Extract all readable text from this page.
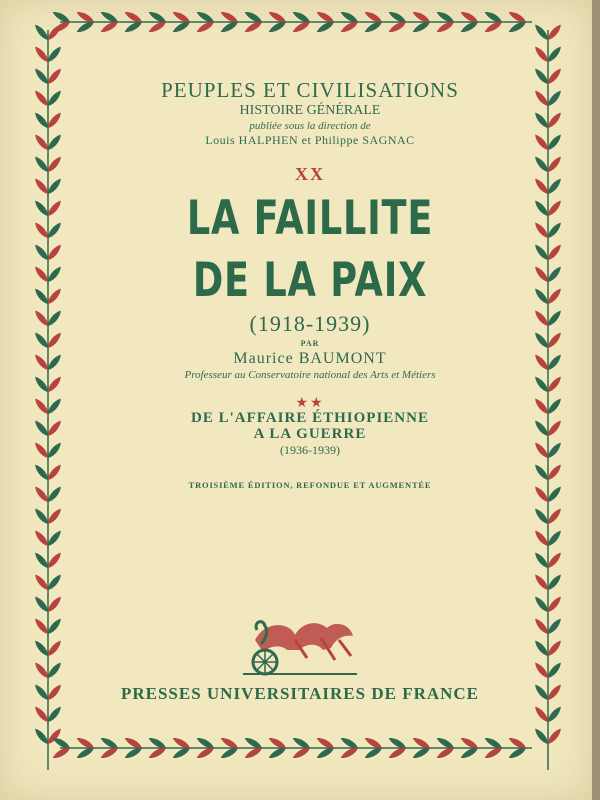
PEUPLES ET CIVILISATIONS
HISTOIRE GÉNÉRALE
publiée sous la direction de
Louis HALPHEN et Philippe SAGNAC
XX
LA FAILLITE
DE LA PAIX
(1918-1939)
PAR
Maurice BAUMONT
Professeur au Conservatoire national des Arts et Métiers
★★
DE L'AFFAIRE ÉTHIOPIENNE
A LA GUERRE
(1936-1939)
TROISIÈME ÉDITION, REFONDUE ET AUGMENTÉE
PRESSES UNIVERSITAIRES DE FRANCE
